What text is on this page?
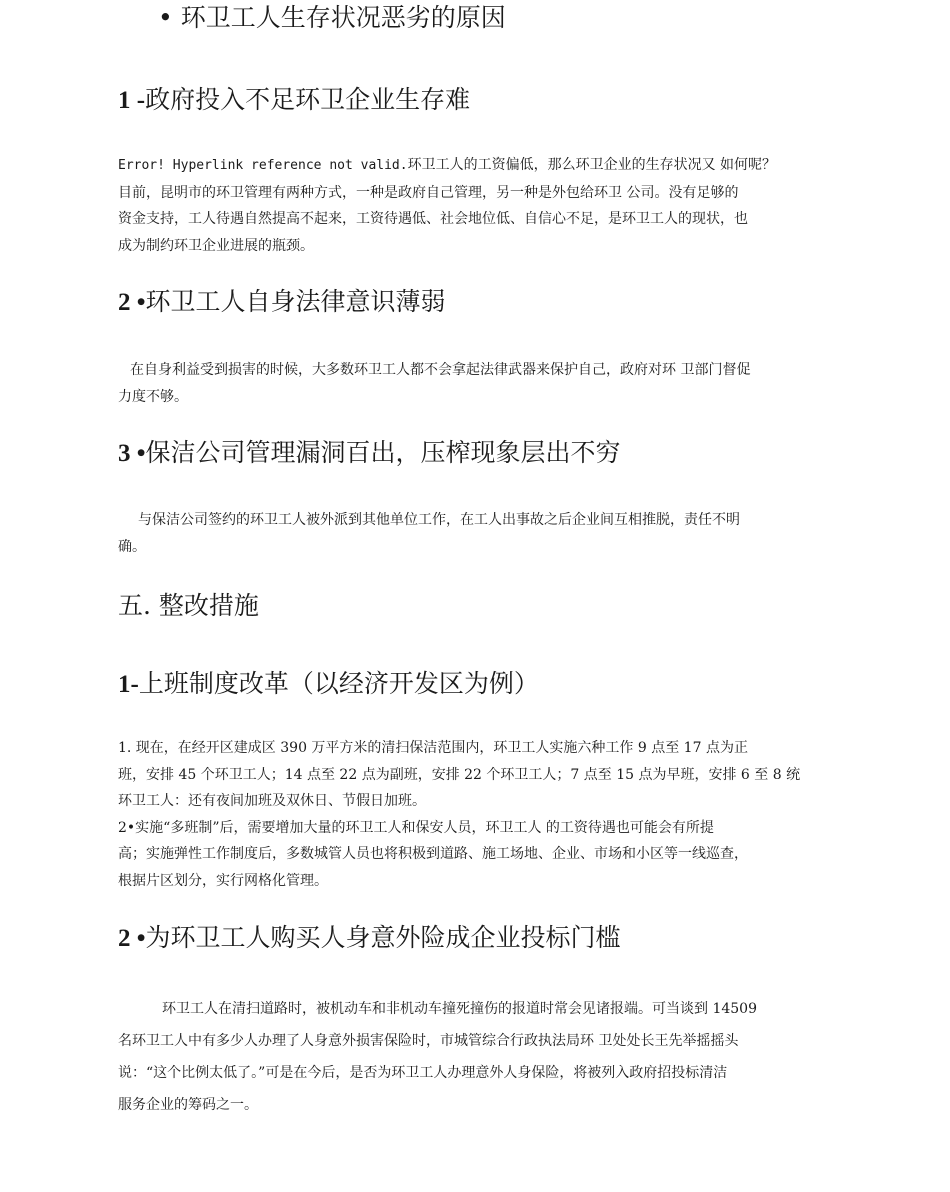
• 环卫工人生存状况恶劣的原因
1 -政府投入不足环卫企业生存难
Error! Hyperlink reference not valid.环卫工人的工资偏低，那么环卫企业的生存状况又 如何呢？
目前，昆明市的环卫管理有两种方式，一种是政府自己管理，另一种是外包给环卫 公司。没有足够的
资金支持，工人待遇自然提高不起来，工资待遇低、社会地位低、自信心不足，是环卫工人的现状，也
成为制约环卫企业进展的瓶颈。
2 •环卫工人自身法律意识薄弱
在自身利益受到损害的时候，大多数环卫工人都不会拿起法律武器来保护自己，政府对环 卫部门督促
力度不够。
3 •保洁公司管理漏洞百出，压榨现象层出不穷
与保洁公司签约的环卫工人被外派到其他单位工作，在工人出事故之后企业间互相推脱，责任不明
确。
五. 整改措施
1-上班制度改革（以经济开发区为例）
1. 现在，在经开区建成区 390 万平方米的清扫保洁范围内，环卫工人实施六种工作 9 点至 17 点为正
班，安排 45 个环卫工人；14 点至 22 点为副班，安排 22 个环卫工人；7 点至 15 点为早班，安排 6 至 8 统
环卫工人：还有夜间加班及双休日、节假日加班。
2•实施“多班制”后，需要增加大量的环卫工人和保安人员，环卫工人 的工资待遇也可能会有所提
高；实施弹性工作制度后，多数城管人员也将积极到道路、施工场地、企业、市场和小区等一线巡查，
根据片区划分，实行网格化管理。
2 •为环卫工人购买人身意外险成企业投标门槛
环卫工人在清扫道路时，被机动车和非机动车撞死撞伤的报道时常会见诸报端。可当谈到 14509
名环卫工人中有多少人办理了人身意外损害保险时，市城管综合行政执法局环 卫处处长王先举摇摇头
说：“这个比例太低了。”可是在今后，是否为环卫工人办理意外人身保险，将被列入政府招投标清洁
服务企业的筹码之一。
